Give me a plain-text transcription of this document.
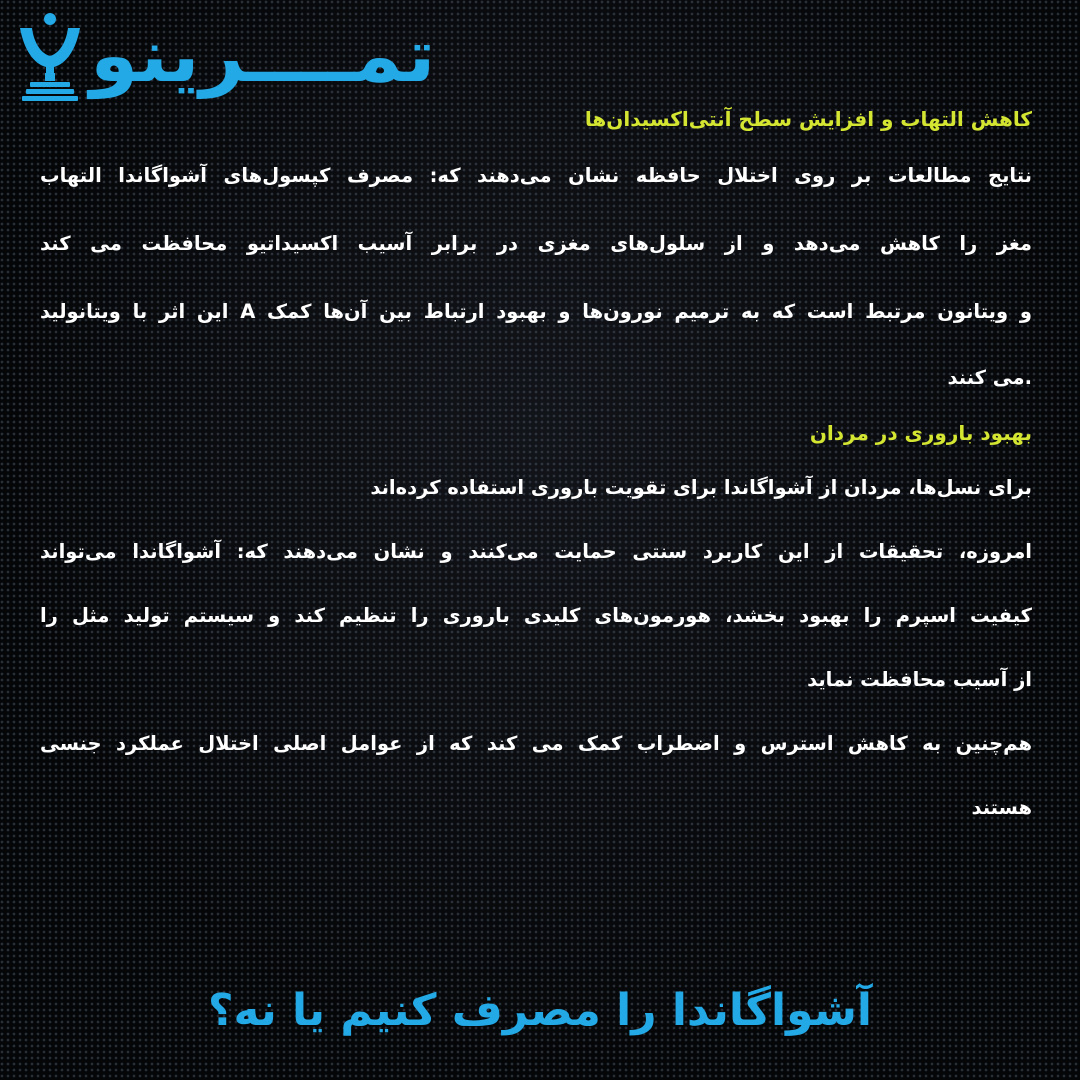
تمــــرینو
کاهش التهاب و افزایش سطح آنتی‌اکسیدان‌ها
نتایج مطالعات بر روی اختلال حافظه نشان می‌دهند که: مصرف کپسول‌های آشواگاندا التهاب
مغز را کاهش می‌دهد و از سلول‌های مغزی در برابر آسیب اکسیداتیو محافظت می کند
و ویتانون مرتبط است که به ترمیم نورون‌ها و بهبود ارتباط بین آن‌ها کمک A این اثر با ویتانولید
.می کنند
بهبود باروری در مردان
برای نسل‌ها، مردان از آشواگاندا برای تقویت باروری استفاده کرده‌اند
امروزه، تحقیقات از این کاربرد سنتی حمایت می‌کنند و نشان می‌دهند که: آشواگاندا می‌تواند
کیفیت اسپرم را بهبود بخشد، هورمون‌های کلیدی باروری را تنظیم کند و سیستم تولید مثل را
از آسیب محافظت نماید
هم‌چنین به کاهش استرس و اضطراب کمک می کند که از عوامل اصلی اختلال عملکرد جنسی
هستند
آشواگاندا را مصرف کنیم یا نه؟
